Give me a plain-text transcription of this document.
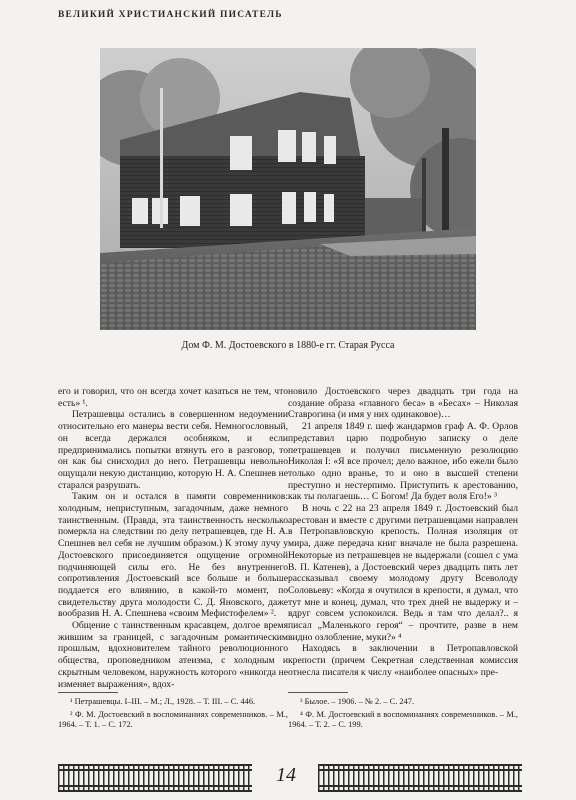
ВЕЛИКИЙ ХРИСТИАНСКИЙ ПИСАТЕЛЬ
Дом Ф. М. Достоевского в 1880-е гг. Старая Русса

его и говорил, что он всегда хочет казаться не тем, что есть» ¹.

Петрашевцы остались в совершенном недоумении относительно его манеры вести себя. Немногословный, он всегда держался особняком, и если предпринимались попытки втянуть его в разговор, то он как бы снисходил до него. Петрашевцы невольно ощущали некую дистанцию, которую Н. А. Спешнев не старался разрушать.

Таким он и остался в памяти современников: холодным, неприступным, загадочным, даже немного таинственным. (Правда, эта таинственность несколько померкла на следствии по делу петрашевцев, где Н. А. Спешнев вел себя не лучшим образом.) К этому лучу у Достоевского присоединяется ощущение огромной подчиняющей силы его. Не без внутреннего сопротивления Достоевский все больше и больше поддается его влиянию, в какой-то момент, по свидетельству друга молодости С. Д. Яновского, даже вообразив Н. А. Спешнева «своим Мефистофелем» ².

Общение с таинственным красавцем, долгое время жившим за границей, с загадочным романтическим прошлым, вдохновителем тайного революционного общества, проповедником атеизма, с холодным и скрытным человеком, наружность которого «никогда не изменяет выражения», вдох-

новило Достоевского через двадцать три года на создание образа «главного беса» в «Бесах» – Николая Ставрогина (и имя у них одинаковое)…

21 апреля 1849 г. шеф жандармов граф А. Ф. Орлов представил царю подробную записку о деле петрашевцев и получил письменную резолюцию Николая I: «Я все прочел; дело важное, ибо ежели было только одно вранье, то и оно в высшей степени преступно и нестерпимо. Приступить к арестованию, как ты полагаешь… С Богом! Да будет воля Его!» ³

В ночь с 22 на 23 апреля 1849 г. Достоевский был арестован и вместе с другими петрашевцами направлен в Петропавловскую крепость. Полная изоляция от мира, даже передача книг вначале не была разрешена. Некоторые из петрашевцев не выдержали (сошел с ума В. П. Катенев), а Достоевский через двадцать пять лет рассказывал своему молодому другу Всеволоду Соловьеву: «Когда я очутился в крепости, я думал, что тут мне и конец, думал, что трех дней не выдержу и – вдруг совсем успокоился. Ведь я там что делал?.. я писал „Маленького героя“ – прочтите, разве в нем видно озлобление, муки?» ⁴

Находясь в заключении в Петропавловской крепости (причем Секретная следственная комиссия отнесла писателя к числу «наиболее опасных» пре-

¹ Петрашевцы. I–III. – М.; Л., 1928. – Т. III. – С. 446.

² Ф. М. Достоевский в воспоминаниях современников. – М., 1964. – Т. 1. – С. 172.

³ Былое. – 1906. – № 2. – С. 247.

⁴ Ф. М. Достоевский в воспоминаниях современников. – М., 1964. – Т. 2. – С. 199.

14
